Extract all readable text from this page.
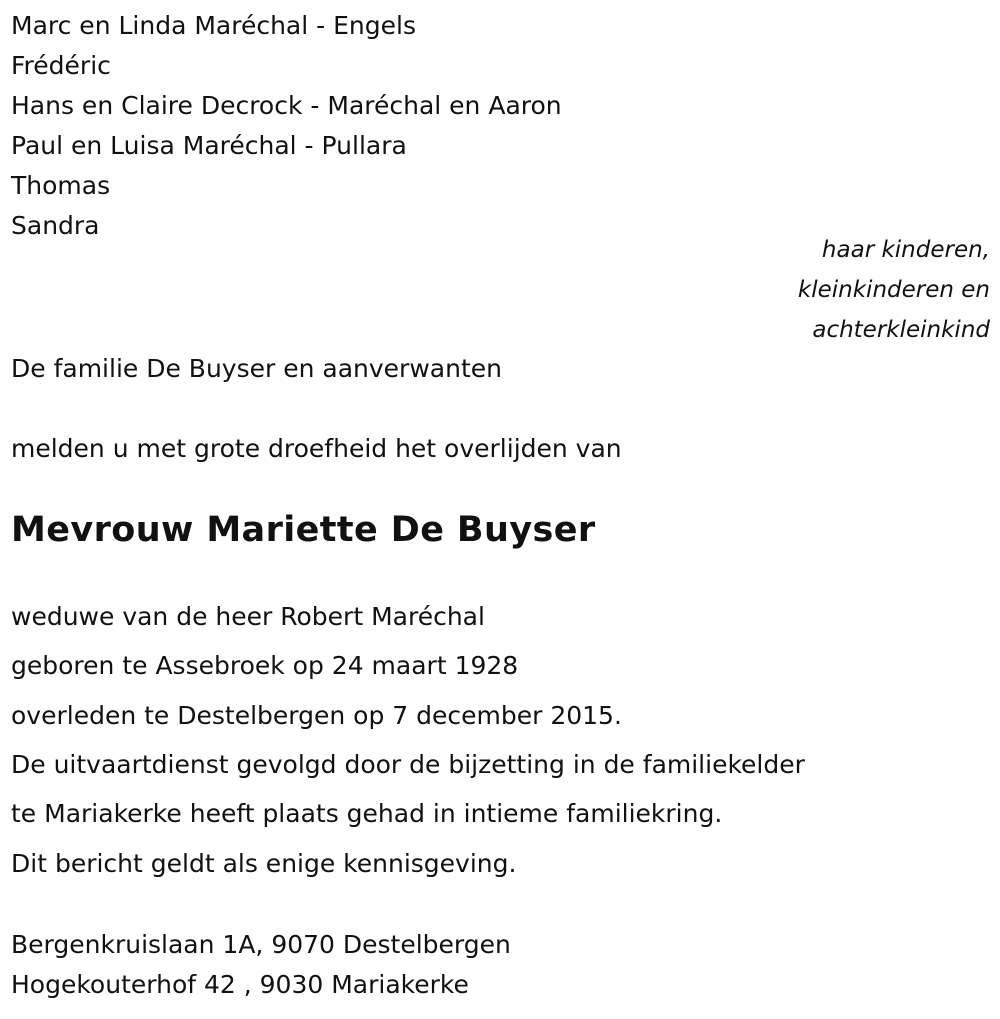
Marc en Linda Maréchal - Engels
Frédéric
Hans en Claire Decrock - Maréchal en Aaron
Paul en Luisa Maréchal - Pullara
Thomas
Sandra
haar kinderen,
kleinkinderen en
achterkleinkind
De familie De Buyser en aanverwanten
melden u met grote droefheid het overlijden van
Mevrouw Mariette De Buyser
weduwe van de heer Robert Maréchal
geboren te Assebroek op 24 maart 1928
overleden te Destelbergen op 7 december 2015.
De uitvaartdienst gevolgd door de bijzetting in de familiekelder
te Mariakerke heeft plaats gehad in intieme familiekring.
Dit bericht geldt als enige kennisgeving.
Bergenkruislaan 1A, 9070 Destelbergen
Hogekouterhof 42 , 9030 Mariakerke
